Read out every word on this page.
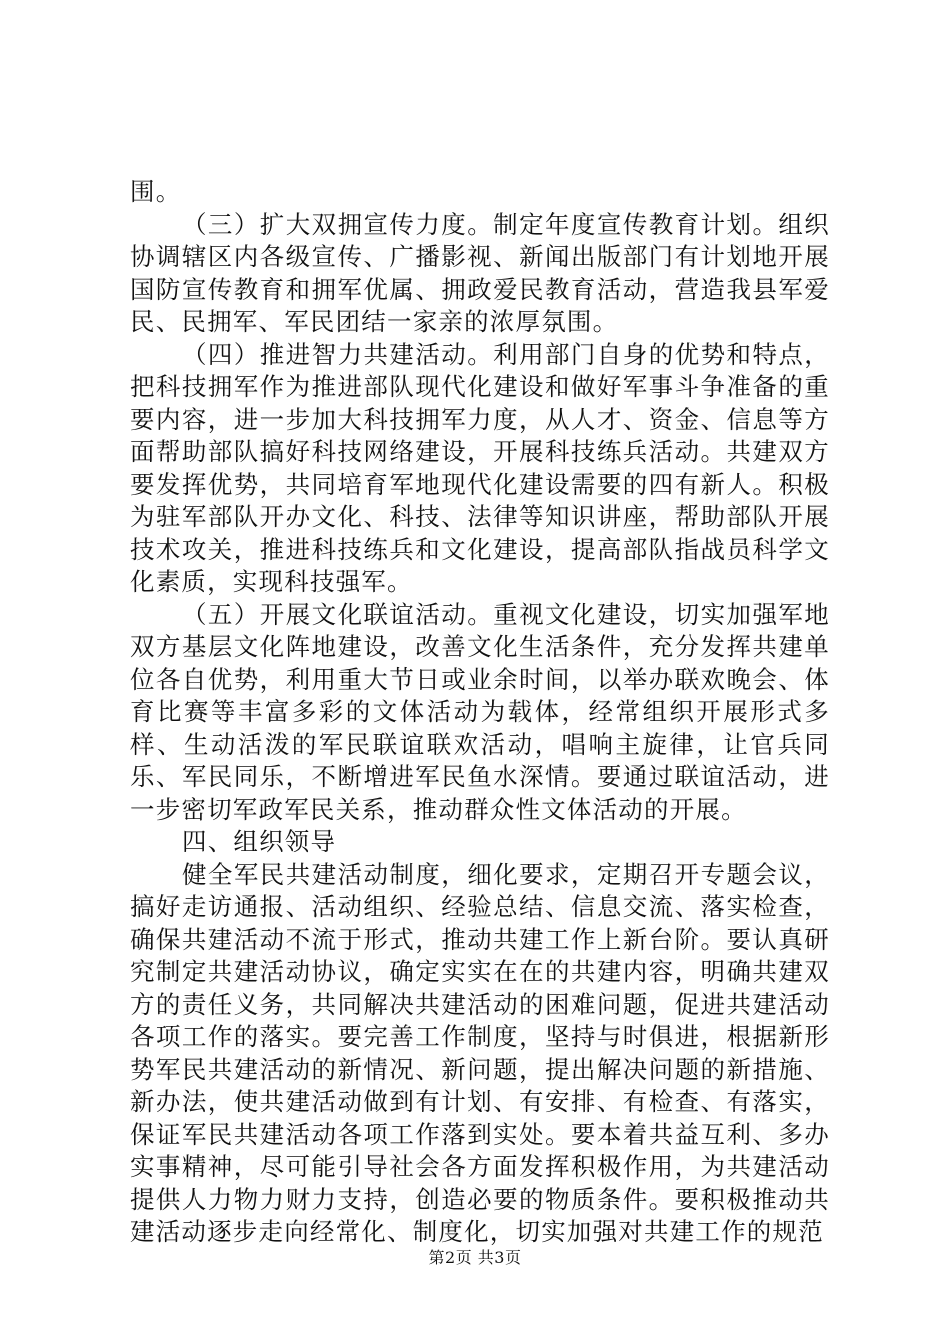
围。

（三）扩大双拥宣传力度。制定年度宣传教育计划。组织协调辖区内各级宣传、广播影视、新闻出版部门有计划地开展国防宣传教育和拥军优属、拥政爱民教育活动，营造我县军爱民、民拥军、军民团结一家亲的浓厚氛围。

（四）推进智力共建活动。利用部门自身的优势和特点，把科技拥军作为推进部队现代化建设和做好军事斗争准备的重要内容，进一步加大科技拥军力度，从人才、资金、信息等方面帮助部队搞好科技网络建设，开展科技练兵活动。共建双方要发挥优势，共同培育军地现代化建设需要的四有新人。积极为驻军部队开办文化、科技、法律等知识讲座，帮助部队开展技术攻关，推进科技练兵和文化建设，提高部队指战员科学文化素质，实现科技强军。

（五）开展文化联谊活动。重视文化建设，切实加强军地双方基层文化阵地建设，改善文化生活条件，充分发挥共建单位各自优势，利用重大节日或业余时间，以举办联欢晚会、体育比赛等丰富多彩的文体活动为载体，经常组织开展形式多样、生动活泼的军民联谊联欢活动，唱响主旋律，让官兵同乐、军民同乐，不断增进军民鱼水深情。要通过联谊活动，进一步密切军政军民关系，推动群众性文体活动的开展。

四、组织领导

健全军民共建活动制度，细化要求，定期召开专题会议，搞好走访通报、活动组织、经验总结、信息交流、落实检查，确保共建活动不流于形式，推动共建工作上新台阶。要认真研究制定共建活动协议，确定实实在在的共建内容，明确共建双方的责任义务，共同解决共建活动的困难问题，促进共建活动各项工作的落实。要完善工作制度，坚持与时俱进，根据新形势军民共建活动的新情况、新问题，提出解决问题的新措施、新办法，使共建活动做到有计划、有安排、有检查、有落实，保证军民共建活动各项工作落到实处。要本着共益互利、多办实事精神，尽可能引导社会各方面发挥积极作用，为共建活动提供人力物力财力支持，创造必要的物质条件。要积极推动共建活动逐步走向经常化、制度化，切实加强对共建工作的规范

第2页 共3页
